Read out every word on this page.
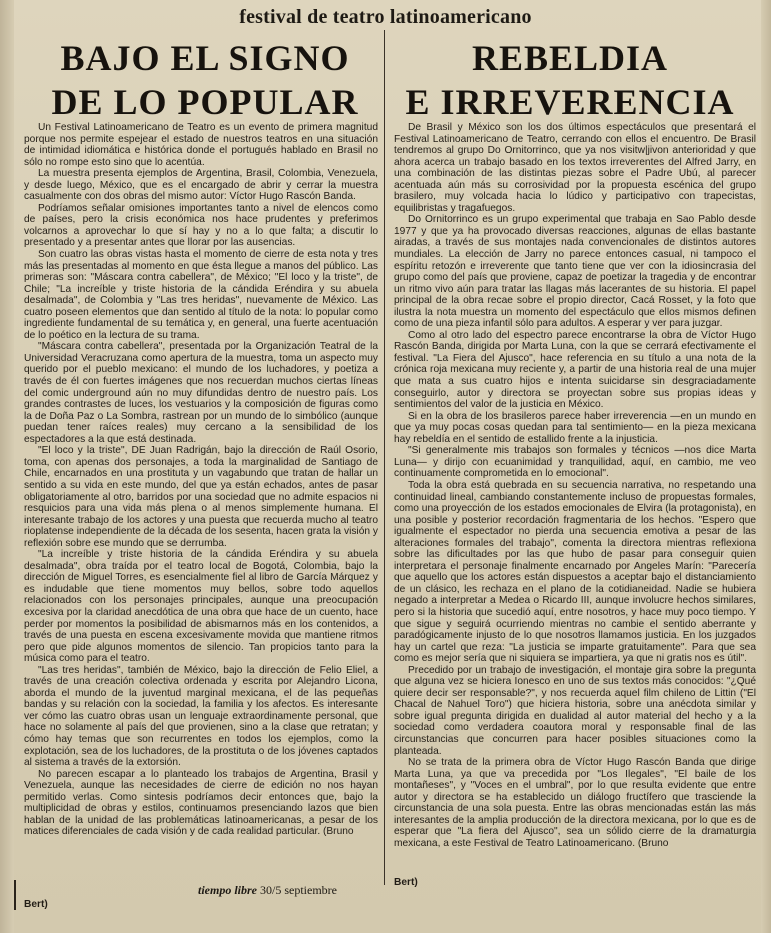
festival de teatro latinoamericano
BAJO EL SIGNO
DE LO POPULAR
REBELDIA
E IRREVERENCIA

Un Festival Latinoamericano de Teatro es un evento de primera magnitud porque nos permite espejear el estado de nuestros teatros en una situación de intimidad idiomática e histórica donde el portugués hablado en Brasil no sólo no rompe esto sino que lo acentúa.

La muestra presenta ejemplos de Argentina, Brasil, Colombia, Venezuela, y desde luego, México, que es el encargado de abrir y cerrar la muestra casualmente con dos obras del mismo autor: Víctor Hugo Rascón Banda.

Podríamos señalar omisiones importantes tanto a nivel de elencos como de países, pero la crisis económica nos hace prudentes y preferimos volcarnos a aprovechar lo que sí hay y no a lo que falta; a discutir lo presentado y a presentar antes que llorar por las ausencias.

Son cuatro las obras vistas hasta el momento de cierre de esta nota y tres más las presentadas al momento en que ésta llegue a manos del público. Las primeras son: "Máscara contra cabellera", de México; "El loco y la triste", de Chile; "La increíble y triste historia de la cándida Eréndira y su abuela desalmada", de Colombia y "Las tres heridas", nuevamente de México. Las cuatro poseen elementos que dan sentido al título de la nota: lo popular como ingrediente fundamental de su temática y, en general, una fuerte acentuación de lo poético en la lectura de su trama.

"Máscara contra cabellera", presentada por la Organización Teatral de la Universidad Veracruzana como apertura de la muestra, toma un aspecto muy querido por el pueblo mexicano: el mundo de los luchadores, y poetiza a través de él con fuertes imágenes que nos recuerdan muchos ciertas líneas del comic underground aún no muy difundidas dentro de nuestro país. Los grandes contrastes de luces, los vestuarios y la composición de figuras como la de Doña Paz o La Sombra, rastrean por un mundo de lo simbólico (aunque puedan tener raíces reales) muy cercano a la sensibilidad de los espectadores a la que está destinada.

"El loco y la triste", DE Juan Radrigán, bajo la dirección de Raúl Osorio, toma, con apenas dos personajes, a toda la marginalidad de Santiago de Chile, encarnados en una prostituta y un vagabundo que tratan de hallar un sentido a su vida en este mundo, del que ya están echados, antes de pasar obligatoriamente al otro, barridos por una sociedad que no admite espacios ni resquicios para una vida más plena o al menos simplemente humana. El interesante trabajo de los actores y una puesta que recuerda mucho al teatro rioplatense independiente de la década de los sesenta, hacen grata la visión y reflexión sobre ese mundo que se derrumba.

"La increíble y triste historia de la cándida Eréndira y su abuela desalmada", obra traída por el teatro local de Bogotá, Colombia, bajo la dirección de Miguel Torres, es esencialmente fiel al libro de García Márquez y es indudable que tiene momentos muy bellos, sobre todo aquellos relacionados con los personajes principales, aunque una preocupación excesiva por la claridad anecdótica de una obra que hace de un cuento, hace perder por momentos la posibilidad de abismarnos más en los contenidos, a través de una puesta en escena excesivamente movida que mantiene ritmos pero que pide algunos momentos de silencio. Tan propicios tanto para la música como para el teatro.

"Las tres heridas", también de México, bajo la dirección de Felio Eliel, a través de una creación colectiva ordenada y escrita por Alejandro Licona, aborda el mundo de la juventud marginal mexicana, el de las pequeñas bandas y su relación con la sociedad, la familia y los afectos. Es interesante ver cómo las cuatro obras usan un lenguaje extraordinamente personal, que hace no solamente al país del que provienen, sino a la clase que retratan; y cómo hay temas que son recurrentes en todos los ejemplos, como la explotación, sea de los luchadores, de la prostituta o de los jóvenes captados al sistema a través de la extorsión.

No parecen escapar a lo planteado los trabajos de Argentina, Brasil y Venezuela, aunque las necesidades de cierre de edición no nos hayan permitido verlas. Como sintesis podríamos decir entonces que, bajo la multiplicidad de obras y estilos, continuamos presenciando lazos que bien hablan de la unidad de las problemáticas latinoamericanas, a pesar de los matices diferenciales de cada visión y de cada realidad particular. (Bruno

De Brasil y México son los dos últimos espectáculos que presentará el Festival Latinoamericano de Teatro, cerrando con ellos el encuentro. De Brasil tendremos al grupo Do Ornitorrinco, que ya nos visitw|jivon anterioridad y que ahora acerca un trabajo basado en los textos irreverentes del Alfred Jarry, en una combinación de las distintas piezas sobre el Padre Ubú, al parecer acentuada aún más su corrosividad por la propuesta escénica del grupo brasilero, muy volcada hacia lo lúdico y participativo con trapecistas, equilibristas y tragafuegos.

Do Ornitorrinco es un grupo experimental que trabaja en Sao Pablo desde 1977 y que ya ha provocado diversas reacciones, algunas de ellas bastante airadas, a través de sus montajes nada convencionales de distintos autores mundiales. La elección de Jarry no parece entonces casual, ni tampoco el espíritu retozón e irreverente que tanto tiene que ver con la idiosincrasia del grupo como del país que proviene, capaz de poetizar la tragedia y de encontrar un ritmo vivo aún para tratar las llagas más lacerantes de su historia. El papel principal de la obra recae sobre el propio director, Cacá Rosset, y la foto que ilustra la nota muestra un momento del espectáculo que ellos mismos definen como de una pieza infantil sólo para adultos. A esperar y ver para juzgar.

Como al otro lado del espectro parece encontrarse la obra de Víctor Hugo Rascón Banda, dirigida por Marta Luna, con la que se cerrará efectivamente el festival. "La Fiera del Ajusco", hace referencia en su título a una nota de la crónica roja mexicana muy reciente y, a partir de una historia real de una mujer que mata a sus cuatro hijos e intenta suicidarse sin desgraciadamente conseguirlo, autor y directora se proyectan sobre sus propias ideas y sentimientos del valor de la justicia en México.

Si en la obra de los brasileros parece haber irreverencia —en un mundo en que ya muy pocas cosas quedan para tal sentimiento— en la pieza mexicana hay rebeldía en el sentido de estallido frente a la injusticia.

"Si generalmente mis trabajos son formales y técnicos —nos dice Marta Luna— y dirijo con ecuanimidad y tranquilidad, aquí, en cambio, me veo continuamente comprometida en lo emocional".

Toda la obra está quebrada en su secuencia narrativa, no respetando una continuidad lineal, cambiando constantemente incluso de propuestas formales, como una proyección de los estados emocionales de Elvira (la protagonista), en una posible y posterior recordación fragmentaria de los hechos. "Espero que igualmente el espectador no pierda una secuencia emotiva a pesar de las alteraciones formales del trabajo", comenta la directora mientras reflexiona sobre las dificultades por las que hubo de pasar para conseguir quien interpretara el personaje finalmente encarnado por Angeles Marín: "Parecería que aquello que los actores están dispuestos a aceptar bajo el distanciamiento de un clásico, les rechaza en el plano de la cotidianeidad. Nadie se hubiera negado a interpretar a Medea o Ricardo III, aunque involucre hechos similares, pero si la historia que sucedió aquí, entre nosotros, y hace muy poco tiempo. Y que sigue y seguirá ocurriendo mientras no cambie el sentido aberrante y paradógicamente injusto de lo que nosotros llamamos justicia. En los juzgados hay un cartel que reza: "La justicia se imparte gratuitamente". Para que sea como es mejor sería que ni siquiera se impartiera, ya que ni gratis nos es útil".

Precedido por un trabajo de investigación, el montaje gira sobre la pregunta que alguna vez se hiciera Ionesco en uno de sus textos más conocidos: "¿Qué quiere decir ser responsable?", y nos recuerda aquel film chileno de Littin ("El Chacal de Nahuel Toro") que hiciera historia, sobre una anécdota similar y sobre igual pregunta dirigida en dualidad al autor material del hecho y a la sociedad como verdadera coautora moral y responsable final de las circunstancias que concurren para hacer posibles situaciones como la planteada.

No se trata de la primera obra de Víctor Hugo Rascón Banda que dirige Marta Luna, ya que va precedida por "Los Ilegales", "El baile de los montañeses", y "Voces en el umbral", por lo que resulta evidente que entre autor y directora se ha establecido un diálogo fructífero que trasciende la circunstancia de una sola puesta. Entre las obras mencionadas están las más interesantes de la amplia producción de la directora mexicana, por lo que es de esperar que "La fiera del Ajusco", sea un sólido cierre de la dramaturgia mexicana, a este Festival de Teatro Latinoamericano. (Bruno

Bert)
Bert)
tiempo libre 30/5 septiembre
